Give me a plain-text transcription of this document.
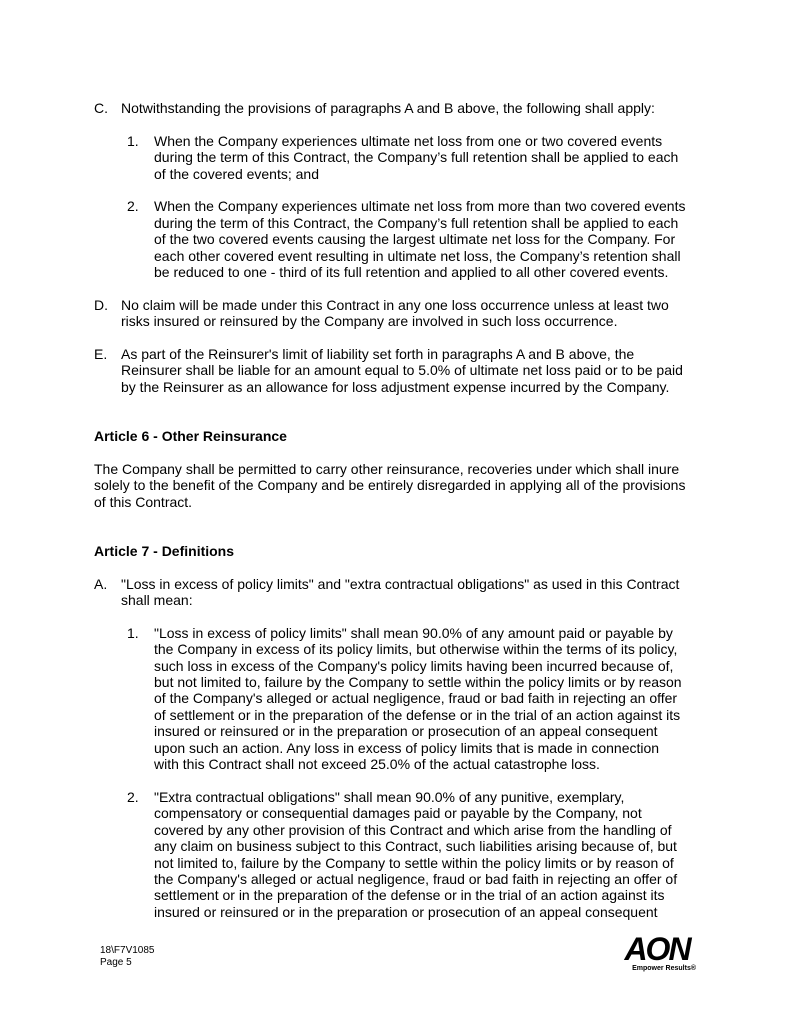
C. Notwithstanding the provisions of paragraphs A and B above, the following shall apply:
1. When the Company experiences ultimate net loss from one or two covered events
during the term of this Contract, the Company’s full retention shall be applied to each
of the covered events; and
2. When the Company experiences ultimate net loss from more than two covered events
during the term of this Contract, the Company’s full retention shall be applied to each
of the two covered events causing the largest ultimate net loss for the Company. For
each other covered event resulting in ultimate net loss, the Company’s retention shall
be reduced to one - third of its full retention and applied to all other covered events.
D. No claim will be made under this Contract in any one loss occurrence unless at least two
risks insured or reinsured by the Company are involved in such loss occurrence.
E. As part of the Reinsurer's limit of liability set forth in paragraphs A and B above, the
Reinsurer shall be liable for an amount equal to 5.0% of ultimate net loss paid or to be paid
by the Reinsurer as an allowance for loss adjustment expense incurred by the Company.
Article 6 - Other Reinsurance
The Company shall be permitted to carry other reinsurance, recoveries under which shall inure
solely to the benefit of the Company and be entirely disregarded in applying all of the provisions
of this Contract.
Article 7 - Definitions
A. "Loss in excess of policy limits" and "extra contractual obligations" as used in this Contract
shall mean:
1. "Loss in excess of policy limits" shall mean 90.0% of any amount paid or payable by
the Company in excess of its policy limits, but otherwise within the terms of its policy,
such loss in excess of the Company's policy limits having been incurred because of,
but not limited to, failure by the Company to settle within the policy limits or by reason
of the Company's alleged or actual negligence, fraud or bad faith in rejecting an offer
of settlement or in the preparation of the defense or in the trial of an action against its
insured or reinsured or in the preparation or prosecution of an appeal consequent
upon such an action. Any loss in excess of policy limits that is made in connection
with this Contract shall not exceed 25.0% of the actual catastrophe loss.
2. "Extra contractual obligations" shall mean 90.0% of any punitive, exemplary,
compensatory or consequential damages paid or payable by the Company, not
covered by any other provision of this Contract and which arise from the handling of
any claim on business subject to this Contract, such liabilities arising because of, but
not limited to, failure by the Company to settle within the policy limits or by reason of
the Company's alleged or actual negligence, fraud or bad faith in rejecting an offer of
settlement or in the preparation of the defense or in the trial of an action against its
insured or reinsured or in the preparation or prosecution of an appeal consequent
18\F7V1085
Page 5	AON
Empower Results®
